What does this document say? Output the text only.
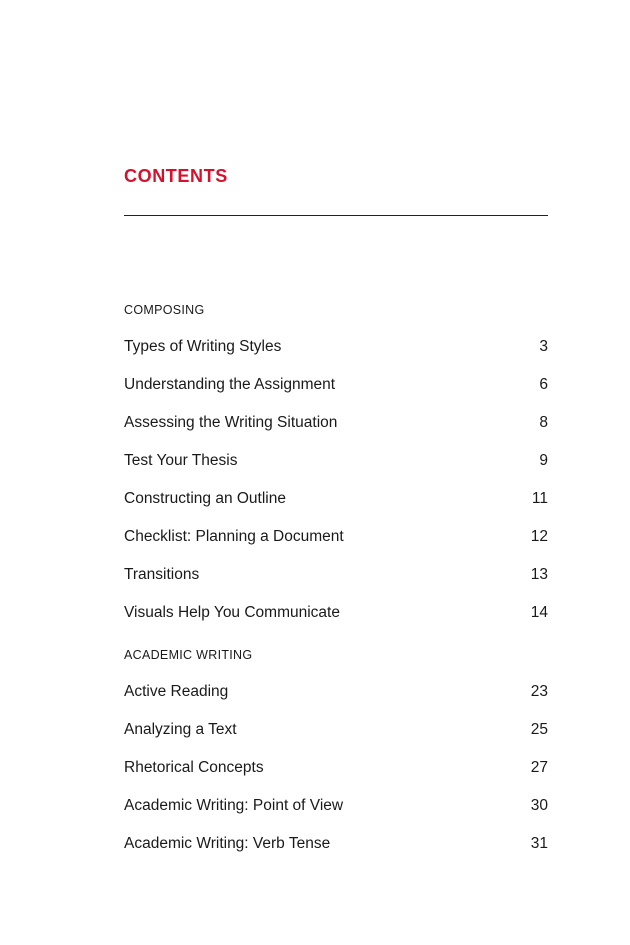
CONTENTS
COMPOSING
Types of Writing Styles	3
Understanding the Assignment	6
Assessing the Writing Situation	8
Test Your Thesis	9
Constructing an Outline	11
Checklist: Planning a Document	12
Transitions	13
Visuals Help You Communicate	14
ACADEMIC WRITING
Active Reading	23
Analyzing a Text	25
Rhetorical Concepts	27
Academic Writing: Point of View	30
Academic Writing: Verb Tense	31
